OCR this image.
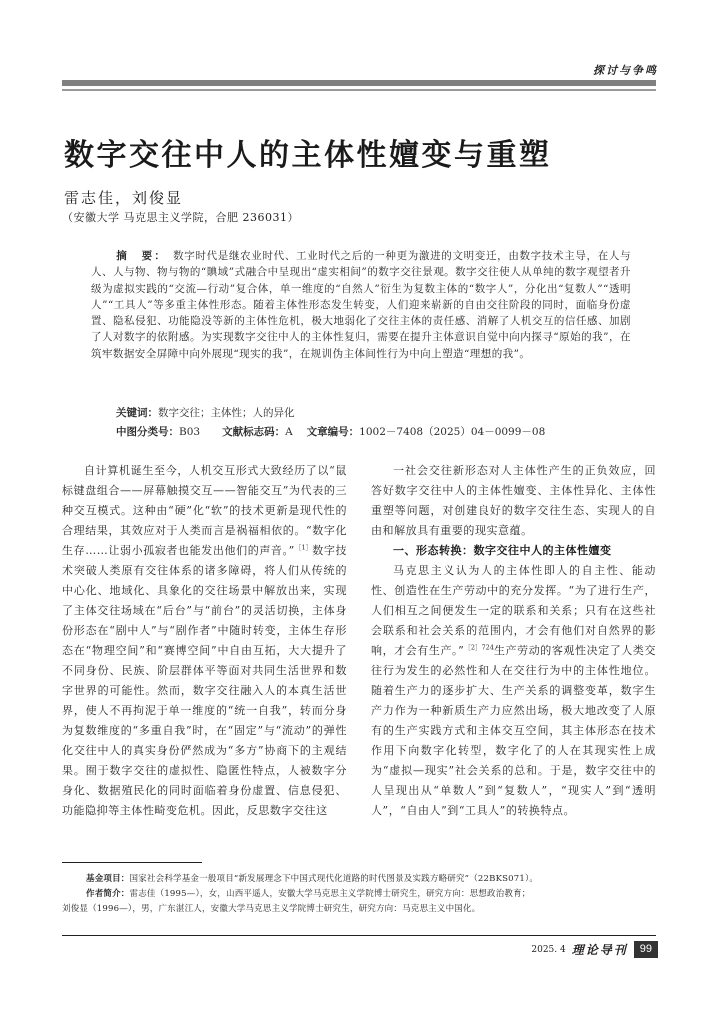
探讨与争鸣
数字交往中人的主体性嬗变与重塑
雷志佳，刘俊显
（安徽大学 马克思主义学院，合肥 236031）

摘　要： 数字时代是继农业时代、工业时代之后的一种更为激进的文明变迁，由数字技术主导，在人与人、人与物、物与物的“賟域”式融合中呈现出“虚实相间”的数字交往景观。数字交往使人从单纯的数字观望者升级为虚拟实践的“交流—行动”复合体，单一维度的“自然人”衍生为复数主体的“数字人”，分化出“复数人”“透明人”“工具人”等多重主体性形态。随着主体性形态发生转变，人们迎来崭新的自由交往阶段的同时，面临身份虚置、隐私侵犯、功能隐没等新的主体性危机，极大地弱化了交往主体的责任感、消解了人机交互的信任感、加剧了人对数字的依附感。为实现数字交往中人的主体性复归，需要在提升主体意识自觉中向内探寻“原始的我”，在筑牢数据安全屏障中向外展现“现实的我”，在规训伪主体间性行为中向上塑造“理想的我”。

关键词：数字交往；主体性；人的异化
中图分类号：B03 文献标志码：A 文章编号：1002－7408（2025）04－0099－08

自计算机诞生至今，人机交互形式大致经历了以“鼠标键盘组合——屏幕触摸交互——智能交互”为代表的三种交互模式。这种由“硬”化“软”的技术更新是现代性的合理结果，其效应对于人类而言是祸福相依的。“数字化生存……让弱小孤寂者也能发出他们的声音。”$^{[1]}$数字技术突破人类原有交往体系的诸多障碍，将人们从传统的中心化、地域化、具象化的交往场景中解放出来，实现了主体交往场域在“后台”与“前台”的灵活切换，主体身份形态在“剧中人”与“剧作者”中随时转变，主体生存形态在“物理空间”和“赛博空间”中自由互拓，大大提升了不同身份、民族、阶层群体平等面对共同生活世界和数字世界的可能性。然而，数字交往融入人的本真生活世界，使人不再拘泥于单一维度的“统一自我”，转而分身为复数维度的“多重自我”时，在“固定”与“流动”的弹性化交往中人的真实身份俨然成为“多方”协商下的主观结果。囿于数字交往的虚拟性、隐匿性特点，人被数字分身化、数据殖民化的同时面临着身份虚置、信息侵犯、功能隐抑等主体性畸变危机。因此，反思数字交往这

一社会交往新形态对人主体性产生的正负效应，回答好数字交往中人的主体性嬗变、主体性异化、主体性重塑等问题，对创建良好的数字交往生态、实现人的自由和解放具有重要的现实意蕴。

一、形态转换：数字交往中人的主体性嬗变

马克思主义认为人的主体性即人的自主性、能动性、创造性在生产劳动中的充分发挥。“为了进行生产，人们相互之间便发生一定的联系和关系；只有在这些社会联系和社会关系的范围内，才会有他们对自然界的影响，才会有生产。”$^{[2]724}$生产劳动的客观性决定了人类交往行为发生的必然性和人在交往行为中的主体性地位。随着生产力的逐步扩大、生产关系的调整变革，数字生产力作为一种新质生产力应然出场，极大地改变了人原有的生产实践方式和主体交互空间，其主体形态在技术作用下向数字化转型，数字化了的人在其现实性上成为“虚拟—现实”社会关系的总和。于是，数字交往中的人呈现出从“单数人”到“复数人”，“现实人”到“透明人”，“自由人”到“工具人”的转换特点。

基金项目：国家社会科学基金一般项目“新发展理念下中国式现代化道路的时代图景及实践方略研究”（22BKS071）。

作者简介：雷志佳（1995—），女，山西平遥人，安徽大学马克思主义学院博士研究生，研究方向：思想政治教育；

刘俊显（1996—），男，广东湛江人，安徽大学马克思主义学院博士研究生，研究方向：马克思主义中国化。

2025. 4 理论导刊	99
